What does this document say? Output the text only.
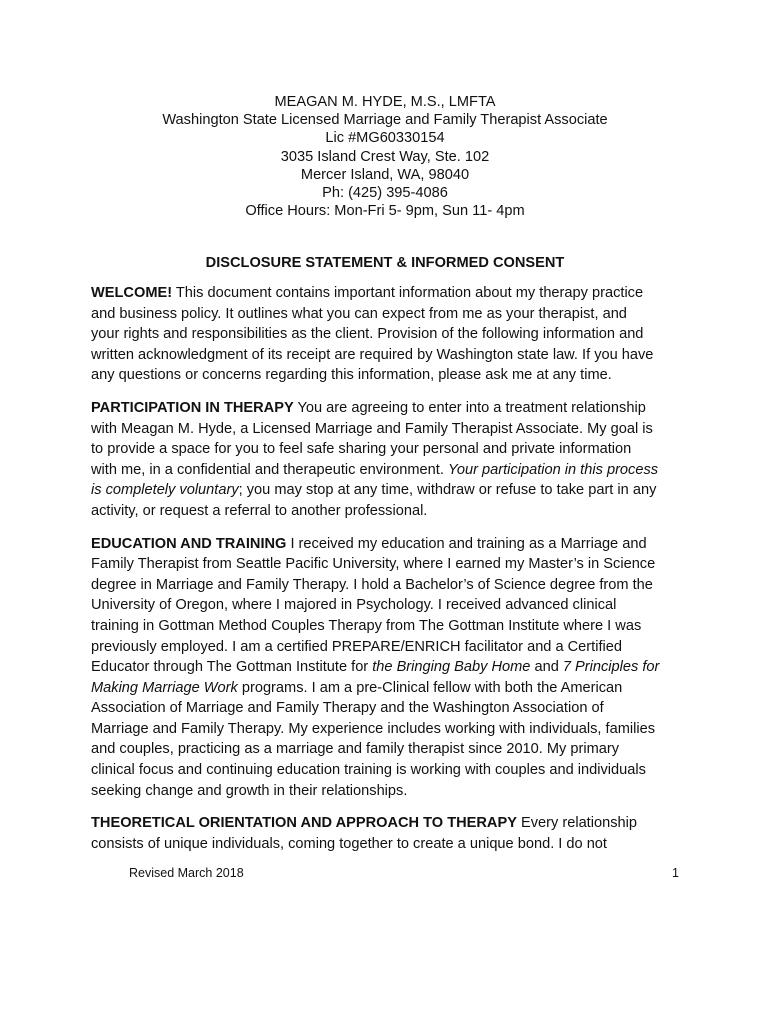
MEAGAN M. HYDE, M.S., LMFTA
Washington State Licensed Marriage and Family Therapist Associate
Lic #MG60330154
3035 Island Crest Way, Ste. 102
Mercer Island, WA, 98040
Ph: (425) 395-4086
Office Hours: Mon-Fri 5- 9pm, Sun 11- 4pm
DISCLOSURE STATEMENT & INFORMED CONSENT
WELCOME! This document contains important information about my therapy practice
and business policy. It outlines what you can expect from me as your therapist, and
your rights and responsibilities as the client. Provision of the following information and
written acknowledgment of its receipt are required by Washington state law. If you have
any questions or concerns regarding this information, please ask me at any time.
PARTICIPATION IN THERAPY You are agreeing to enter into a treatment relationship
with Meagan M. Hyde, a Licensed Marriage and Family Therapist Associate. My goal is
to provide a space for you to feel safe sharing your personal and private information
with me, in a confidential and therapeutic environment. Your participation in this process
is completely voluntary; you may stop at any time, withdraw or refuse to take part in any
activity, or request a referral to another professional.
EDUCATION AND TRAINING I received my education and training as a Marriage and
Family Therapist from Seattle Pacific University, where I earned my Master’s in Science
degree in Marriage and Family Therapy. I hold a Bachelor’s of Science degree from the
University of Oregon, where I majored in Psychology. I received advanced clinical
training in Gottman Method Couples Therapy from The Gottman Institute where I was
previously employed. I am a certified PREPARE/ENRICH facilitator and a Certified
Educator through The Gottman Institute for the Bringing Baby Home and 7 Principles for
Making Marriage Work programs. I am a pre-Clinical fellow with both the American
Association of Marriage and Family Therapy and the Washington Association of
Marriage and Family Therapy. My experience includes working with individuals, families
and couples, practicing as a marriage and family therapist since 2010. My primary
clinical focus and continuing education training is working with couples and individuals
seeking change and growth in their relationships.
THEORETICAL ORIENTATION AND APPROACH TO THERAPY Every relationship
consists of unique individuals, coming together to create a unique bond. I do not
Revised March 2018	1
